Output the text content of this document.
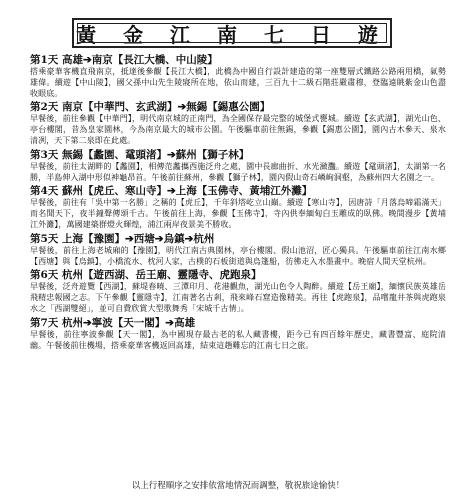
黃 金 江 南 七 日 遊
第1天 高雄➔南京【長江大橋、中山陵】
搭乘豪華客機直飛南京，抵達後參觀【長江大橋】，此橋為中國自行設計建造的第一座雙層式鐵路公路兩用橋，氣勢雄偉。續遊【中山陵】，國父孫中山先生陵寢所在地，依山而建，三百九十二級石階莊嚴肅穆，登臨遠眺紫金山色盡收眼底。
第2天 南京【中華門、玄武湖】➔無錫【錫惠公園】
早餐後，前往參觀【中華門】，明代南京城的正南門，為全國保存最完整的城堡式甕城。續遊【玄武湖】，湖光山色、亭台樓閣，昔為皇家園林，今為南京最大的城市公園。午後驅車前往無錫，參觀【錫惠公園】，園內古木參天、泉水清冽，天下第二泉即在此處。
第3天 無錫【蠡園、鼋頭渚】➔蘇州【獅子林】
早餐後，前往太湖畔的【蠡園】，相傳范蠡攜西施泛舟之處，園中長廊曲折、水光瀲灩。續遊【鼋頭渚】，太湖第一名勝，半島伸入湖中形似神龜昂首。午後前往蘇州，參觀【獅子林】，園內假山奇石嶙峋洞壑，為蘇州四大名園之一。
第4天 蘇州【虎丘、寒山寺】➔上海【玉佛寺、黃埔江外灘】
早餐後，前往有「吳中第一名勝」之稱的【虎丘】，千年斜塔屹立山巔。續遊【寒山寺】，因唐詩「月落烏啼霜滿天」而名聞天下，夜半鐘聲傳頌千古。午後前往上海，參觀【玉佛寺】，寺內供奉緬甸白玉雕成的臥佛。晚間漫步【黃埔江外灘】，萬國建築群燈火輝煌，浦江兩岸夜景美不勝收。
第5天 上海【豫園】➔西塘➔烏鎮➔杭州
早餐後，前往上海老城廂的【豫園】，明代江南古典園林，亭台樓閣、假山池沼，匠心獨具。午後驅車前往江南水鄉【西塘】與【烏鎮】，小橋流水、枕河人家，古樸的石板街道與烏篷船，彷彿走入水墨畫中。晚宿人間天堂杭州。
第6天 杭州【遊西湖、岳王廟、靈隱寺、虎跑泉】
早餐後，泛舟遊覽【西湖】，蘇堤春曉、三潭印月、花港觀魚，湖光山色令人陶醉。續遊【岳王廟】，緬懷民族英雄岳飛精忠報國之志。下午參觀【靈隱寺】，江南著名古剎，飛來峰石窟造像精美。再往【虎跑泉】，品嚐龍井茶與虎跑泉水之「西湖雙絕」，並可自費欣賞大型歌舞秀「宋城千古情」。
第7天 杭州➔寧波【天一閣】➔高雄
早餐後，前往寧波參觀【天一閣】，為中國現存最古老的私人藏書樓，距今已有四百餘年歷史，藏書豐富、庭院清幽。午餐後前往機場，搭乘豪華客機返回高雄，結束這趟難忘的江南七日之旅。
以上行程順序之安排依當地情況而調整，敬祝旅途愉快！
